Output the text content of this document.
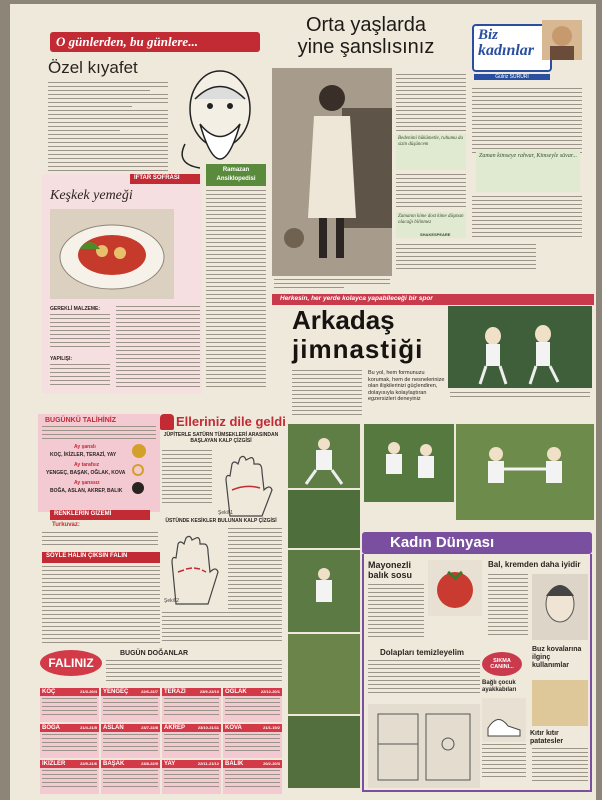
O günlerden, bu günlere...
Özel kıyafet
Orta yaşlarda
yine şanslısınız
Bedenimi hükümetle, ruhumu da sizin düşüncem
Zamanın kime dost kime düşman olacağı bilinmez
SHAKESPEARE
Biz
kadınlar
Gülriz SURURİ
Zaman kimseye rahvar, Kimseyle süvar...
İFTAR SOFRASI
Keşkek yemeği
GEREKLİ MALZEME:
YAPILIŞI:
Ramazan
Ansiklopedisi
Herkesin, her yerde kolayca yapabileceği bir spor
Arkadaş
jimnastiği
Bu yol, hem formunuzu korumak, hem de nesnelerinize olan ilişkilerinizi güçlendiren, dolayısıyla kolaylaştıran egzersizleri deneyiniz
Kadın Dünyası
Mayonezli balık sosu
Bal, kremden daha iyidir
Dolapları temizleyelim
SIKMA CANINI...
Bağlı çocuk ayakkabıları
Buz kovalarına ilginç kullanımlar
Kıtır kıtır patatesler
BUGÜNKÜ TALİHİNİZ
Ay şanslı
KOÇ, İKİZLER, TERAZİ, YAY
Ay tarafsız
YENGEÇ, BAŞAK, OĞLAK, KOVA
Ay şanssız
BOĞA, ASLAN, AKREP, BALIK
RENKLERİN GİZEMİ
Turkuvaz:
SÖYLE HALİN ÇIKSIN FALIN
Elleriniz dile geldi
JÜPİTERLE SATÜRN TÜMSEKLERİ ARASINDAN BAŞLAYAN KALP ÇİZGİSİ
Şekil 1
ÜSTÜNDE KESİKLER BULUNAN KALP ÇİZGİSİ
Şekil 2
FALINIZ
BUGÜN DOĞANLAR
KOÇ	21/3-20/4 YENGEÇ	22/6-22/7 TERAZİ	23/9-22/10 OĞLAK	22/12-20/1
BOĞA	21/4-21/5 ASLAN	23/7-22/8 AKREP	23/10-21/11 KOVA	21/1-19/2
İKİZLER	22/5-21/6 BAŞAK	23/8-22/9 YAY	22/11-21/12 BALIK	20/2-20/3
